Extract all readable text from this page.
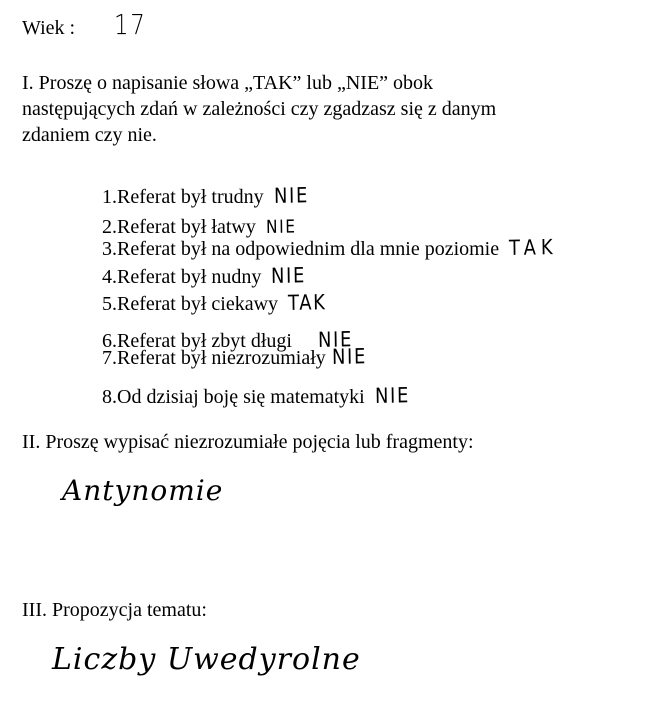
Wiek : 17
I. Proszę o napisanie słowa „TAK” lub „NIE” obok
następujących zdań w zależności czy zgadzasz się z danym
zdaniem czy nie.
1.Referat był trudny NIE
2.Referat był łatwy NIE
3.Referat był na odpowiednim dla mnie poziomie TAK
4.Referat był nudny NIE
5.Referat był ciekawy TAK
6.Referat był zbyt długi NIE
7.Referat był niezrozumiały NIE
8.Od dzisiaj boję się matematyki NIE
II. Proszę wypisać niezrozumiałe pojęcia lub fragmenty:
Antynomie
III. Propozycja tematu:
Liczby Uwedyrolne
